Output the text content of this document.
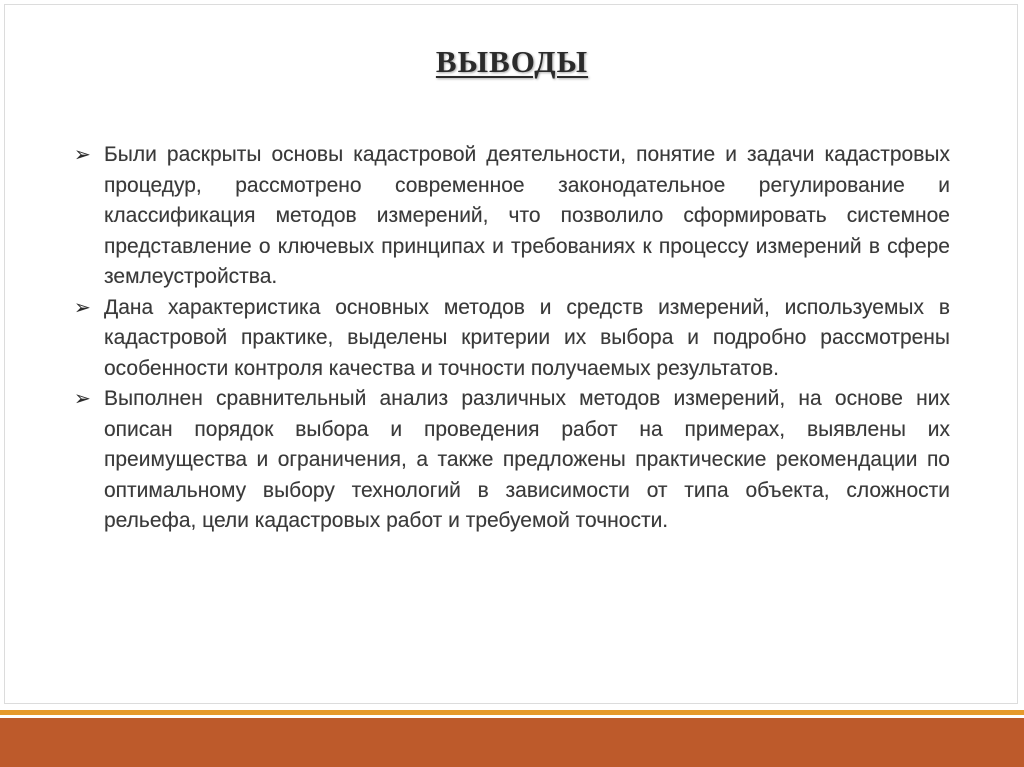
ВЫВОДЫ
➢ Были раскрыты основы кадастровой деятельности, понятие и задачи кадастровых процедур, рассмотрено современное законодательное регулирование и классификация методов измерений, что позволило сформировать системное представление о ключевых принципах и требованиях к процессу измерений в сфере землеустройства.
➢ Дана характеристика основных методов и средств измерений, используемых в кадастровой практике, выделены критерии их выбора и подробно рассмотрены особенности контроля качества и точности получаемых результатов.
➢ Выполнен сравнительный анализ различных методов измерений, на основе них описан порядок выбора и проведения работ на примерах, выявлены их преимущества и ограничения, а также предложены практические рекомендации по оптимальному выбору технологий в зависимости от типа объекта, сложности рельефа, цели кадастровых работ и требуемой точности.
